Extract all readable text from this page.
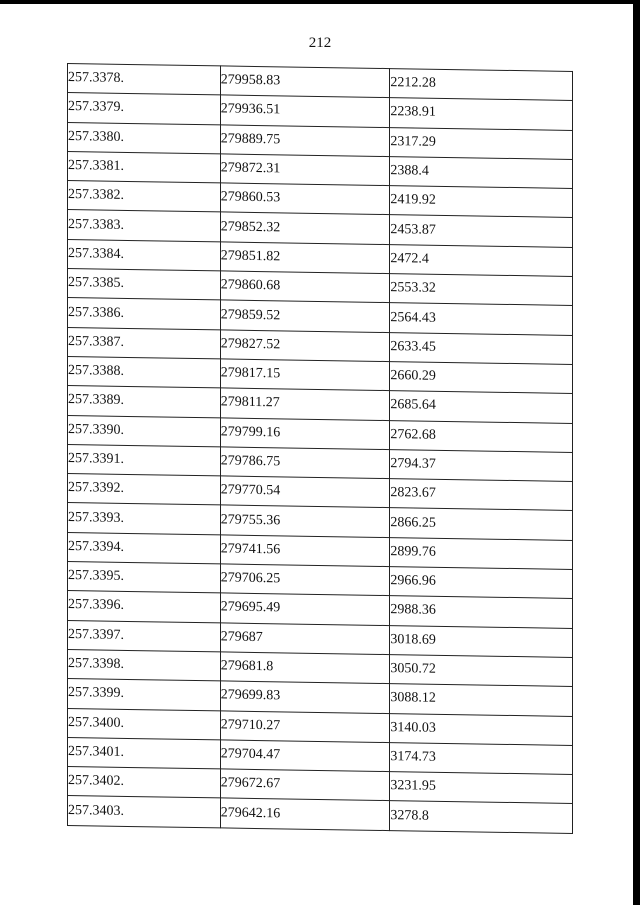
212
257.3378.	279958.83	2212.28
257.3379.	279936.51	2238.91
257.3380.	279889.75	2317.29
257.3381.	279872.31	2388.4
257.3382.	279860.53	2419.92
257.3383.	279852.32	2453.87
257.3384.	279851.82	2472.4
257.3385.	279860.68	2553.32
257.3386.	279859.52	2564.43
257.3387.	279827.52	2633.45
257.3388.	279817.15	2660.29
257.3389.	279811.27	2685.64
257.3390.	279799.16	2762.68
257.3391.	279786.75	2794.37
257.3392.	279770.54	2823.67
257.3393.	279755.36	2866.25
257.3394.	279741.56	2899.76
257.3395.	279706.25	2966.96
257.3396.	279695.49	2988.36
257.3397.	279687	3018.69
257.3398.	279681.8	3050.72
257.3399.	279699.83	3088.12
257.3400.	279710.27	3140.03
257.3401.	279704.47	3174.73
257.3402.	279672.67	3231.95
257.3403.	279642.16	3278.8
